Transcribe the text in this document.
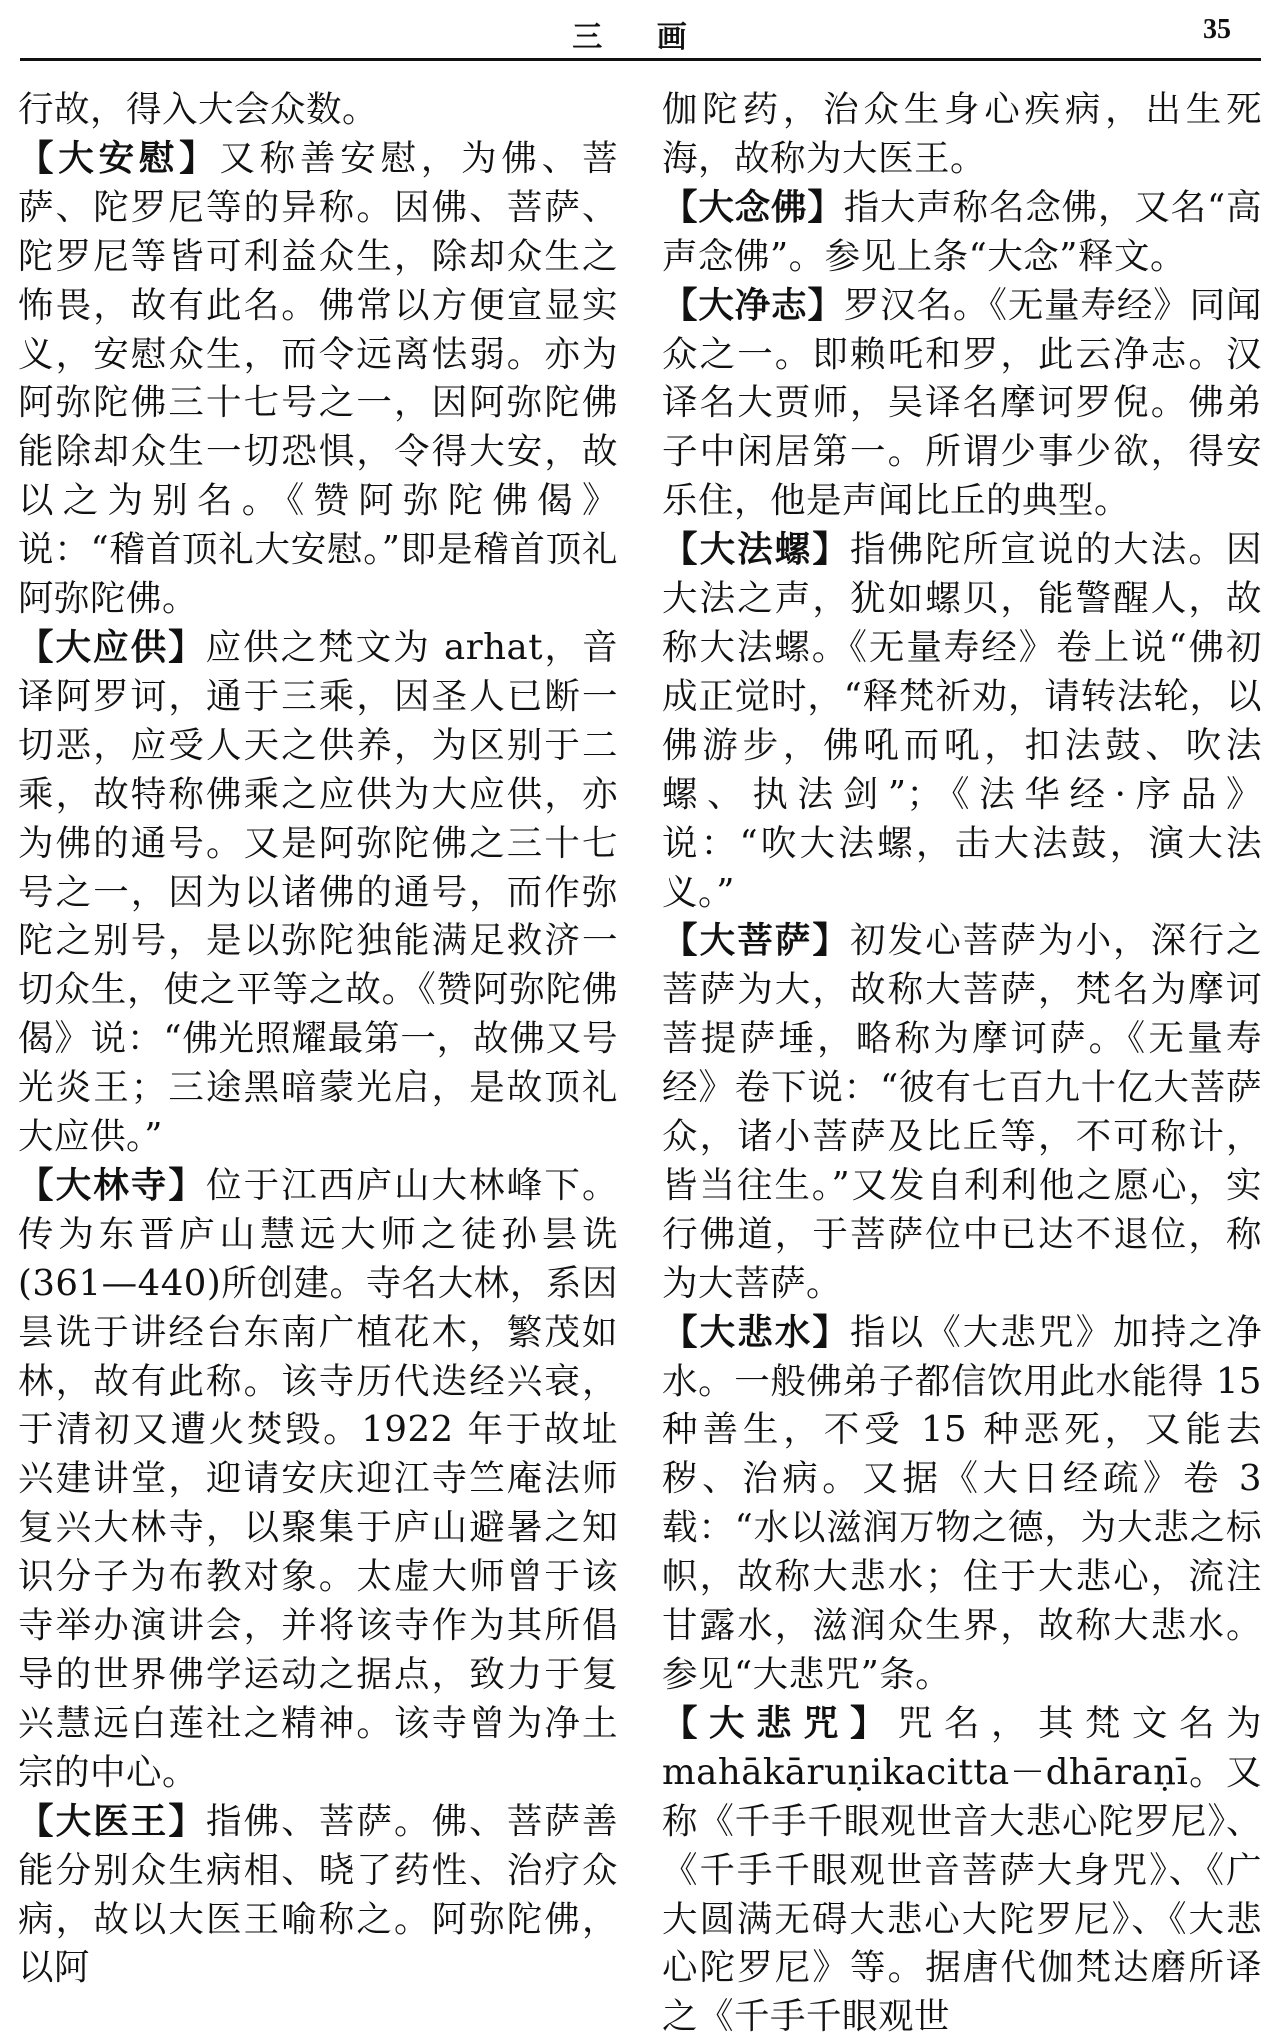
三 画	35

行故，得入大会众数。

【大安慰】又称善安慰，为佛、菩萨、陀罗尼等的异称。因佛、菩萨、陀罗尼等皆可利益众生，除却众生之怖畏，故有此名。佛常以方便宣显实义，安慰众生，而令远离怯弱。亦为阿弥陀佛三十七号之一，因阿弥陀佛能除却众生一切恐惧，令得大安，故以之为别名。《赞阿弥陀佛偈》说：“稽首顶礼大安慰。”即是稽首顶礼阿弥陀佛。

【大应供】应供之梵文为 arhat，音译阿罗诃，通于三乘，因圣人已断一切恶，应受人天之供养，为区别于二乘，故特称佛乘之应供为大应供，亦为佛的通号。又是阿弥陀佛之三十七号之一，因为以诸佛的通号，而作弥陀之别号，是以弥陀独能满足救济一切众生，使之平等之故。《赞阿弥陀佛偈》说：“佛光照耀最第一，故佛又号光炎王；三途黑暗蒙光启，是故顶礼大应供。”

【大林寺】位于江西庐山大林峰下。传为东晋庐山慧远大师之徒孙昙诜(361—440)所创建。寺名大林，系因昙诜于讲经台东南广植花木，繁茂如林，故有此称。该寺历代迭经兴衰，于清初又遭火焚毁。1922 年于故址兴建讲堂，迎请安庆迎江寺竺庵法师复兴大林寺，以聚集于庐山避暑之知识分子为布教对象。太虚大师曾于该寺举办演讲会，并将该寺作为其所倡导的世界佛学运动之据点，致力于复兴慧远白莲社之精神。该寺曾为净土宗的中心。

【大医王】指佛、菩萨。佛、菩萨善能分别众生病相、晓了药性、治疗众病，故以大医王喻称之。阿弥陀佛，以阿

伽陀药，治众生身心疾病，出生死海，故称为大医王。

【大念佛】指大声称名念佛，又名“高声念佛”。参见上条“大念”释文。

【大净志】罗汉名。《无量寿经》同闻众之一。即赖吒和罗，此云净志。汉译名大贾师，吴译名摩诃罗倪。佛弟子中闲居第一。所谓少事少欲，得安乐住，他是声闻比丘的典型。

【大法螺】指佛陀所宣说的大法。因大法之声，犹如螺贝，能警醒人，故称大法螺。《无量寿经》卷上说“佛初成正觉时，“释梵祈劝，请转法轮，以佛游步，佛吼而吼，扣法鼓、吹法螺、执法剑”；《法华经·序品》说：“吹大法螺，击大法鼓，演大法义。”

【大菩萨】初发心菩萨为小，深行之菩萨为大，故称大菩萨，梵名为摩诃菩提萨埵，略称为摩诃萨。《无量寿经》卷下说：“彼有七百九十亿大菩萨众，诸小菩萨及比丘等，不可称计，皆当往生。”又发自利利他之愿心，实行佛道，于菩萨位中已达不退位，称为大菩萨。

【大悲水】指以《大悲咒》加持之净水。一般佛弟子都信饮用此水能得 15 种善生，不受 15 种恶死，又能去秽、治病。又据《大日经疏》卷 3 载：“水以滋润万物之德，为大悲之标帜，故称大悲水；住于大悲心，流注甘露水，滋润众生界，故称大悲水。参见“大悲咒”条。

【大悲咒】咒名，其梵文名为 mahākāruṇikacitta－dhāraṇī。又称《千手千眼观世音大悲心陀罗尼》、《千手千眼观世音菩萨大身咒》、《广大圆满无碍大悲心大陀罗尼》、《大悲心陀罗尼》等。据唐代伽梵达磨所译之《千手千眼观世
